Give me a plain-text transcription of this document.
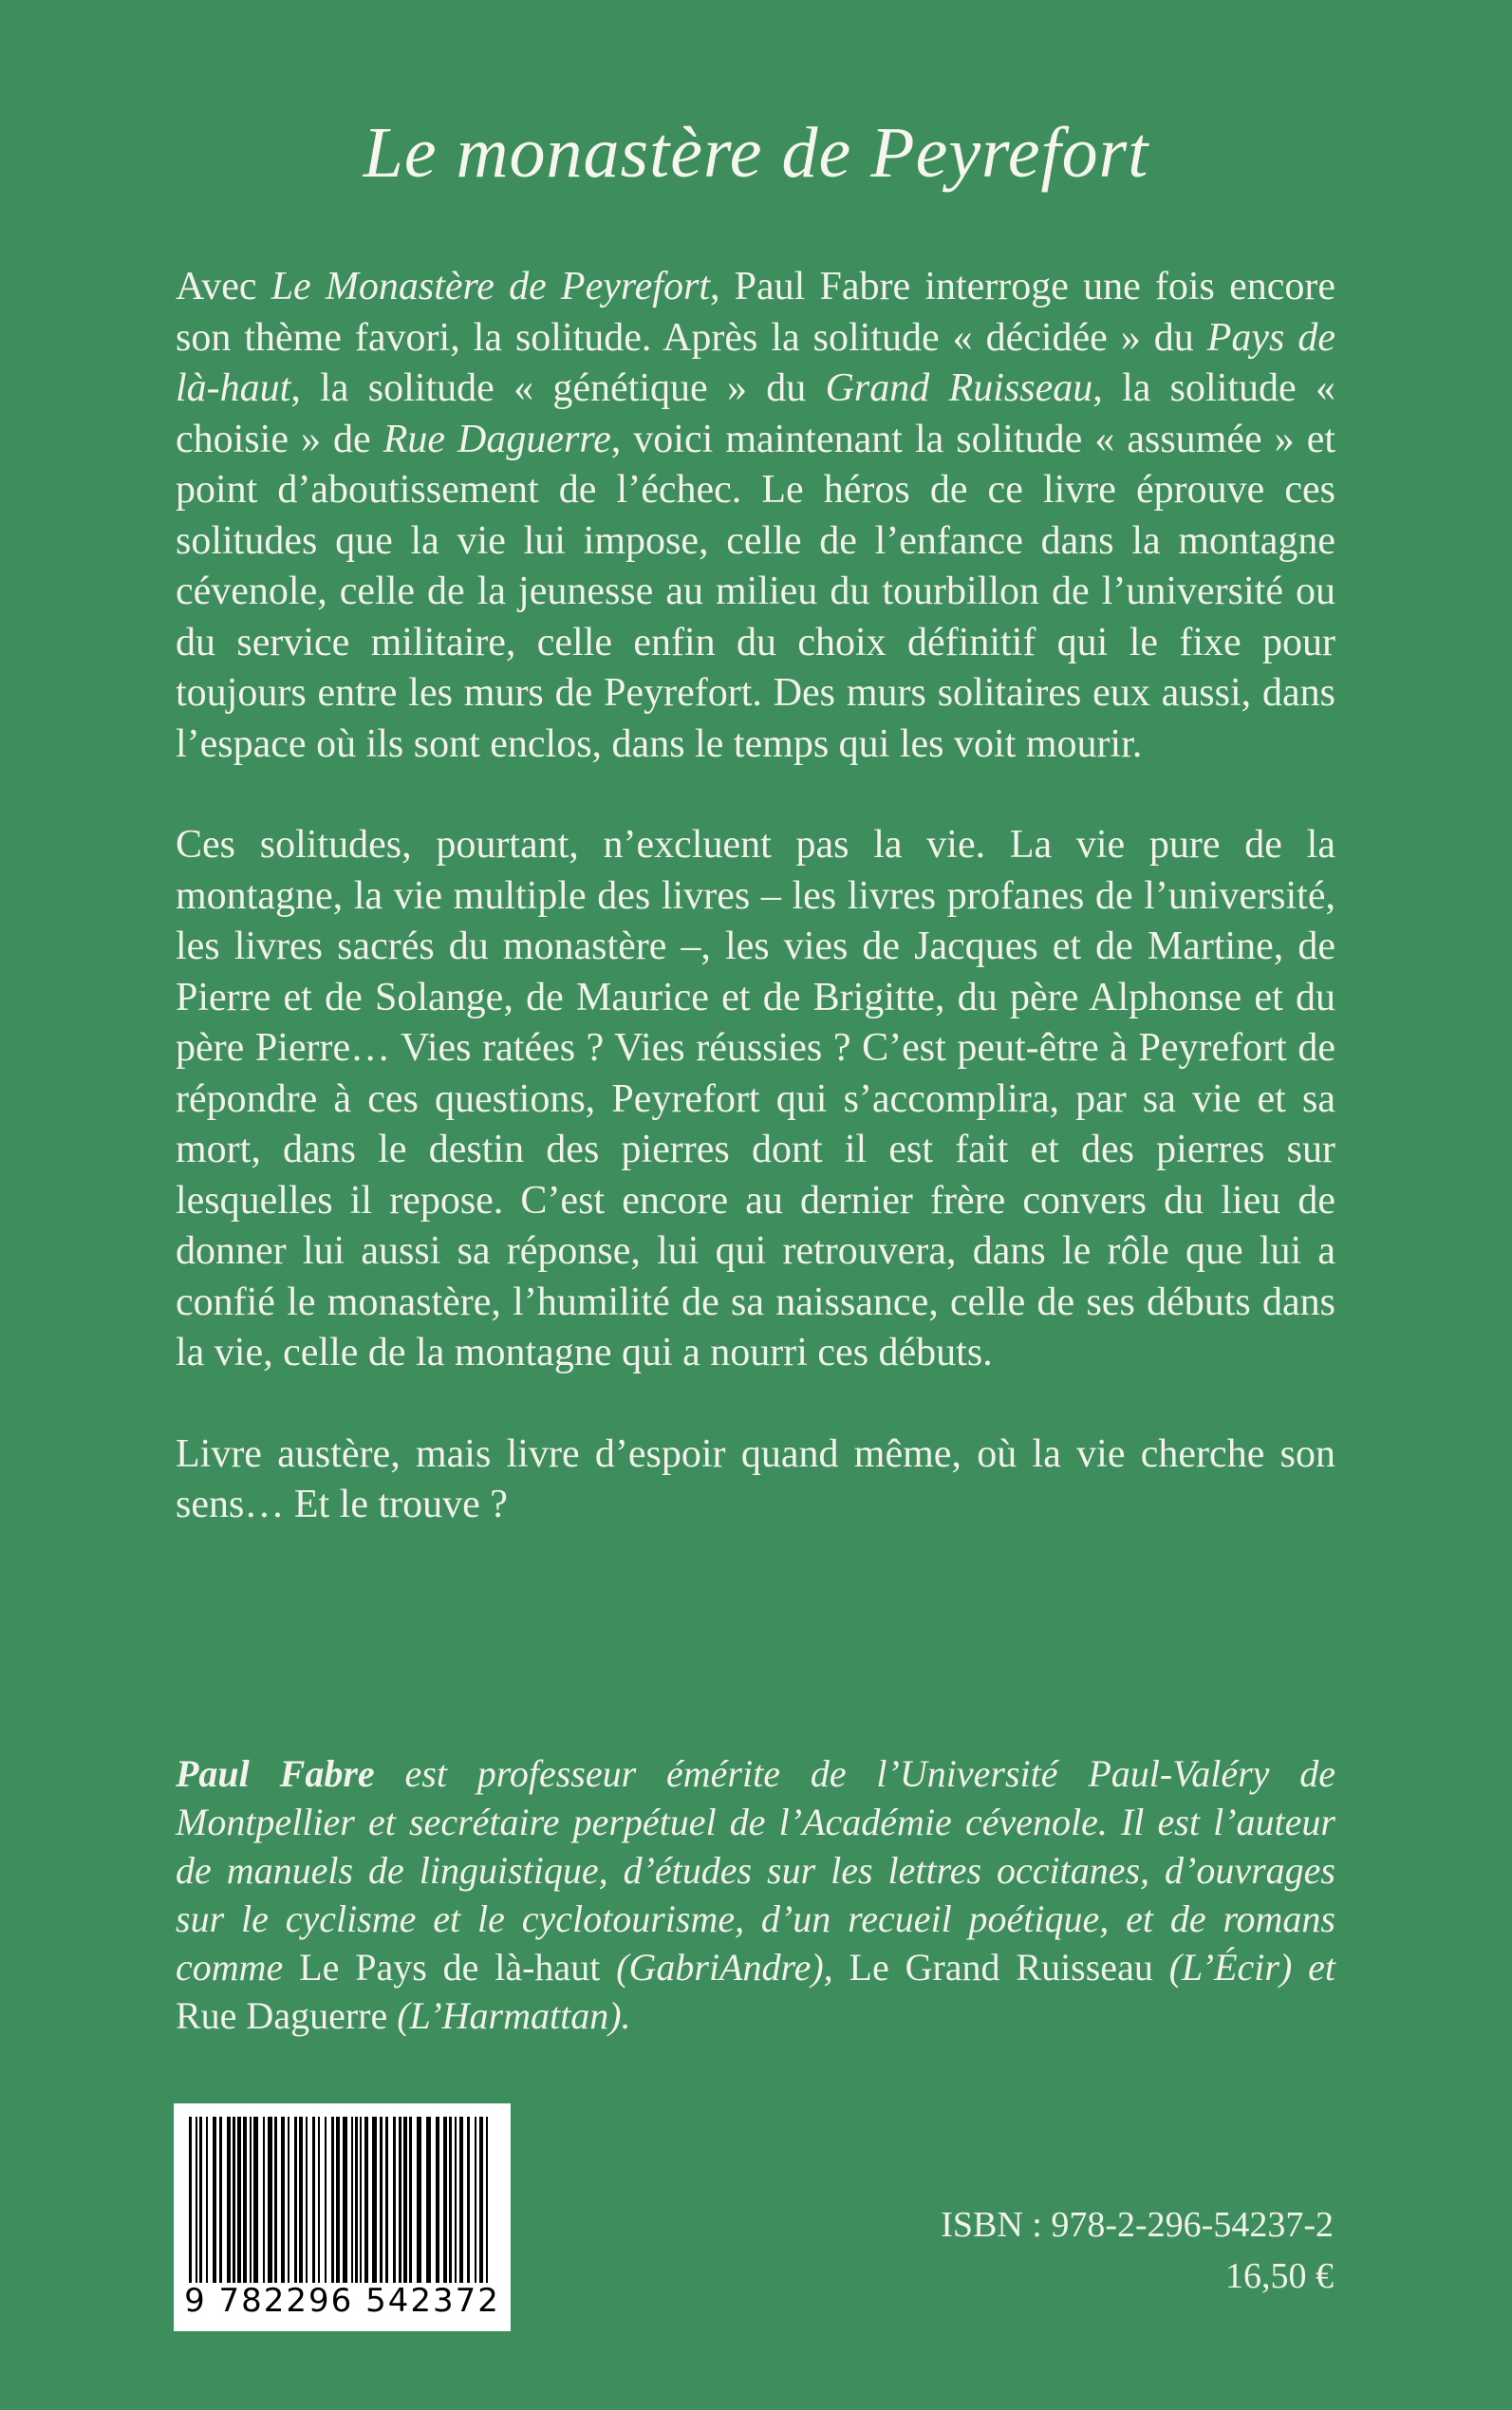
Le monastère de Peyrefort

Avec Le Monastère de Peyrefort, Paul Fabre interroge une fois encore son thème favori, la solitude. Après la solitude « décidée » du Pays de là-haut, la solitude « génétique » du Grand Ruisseau, la solitude « choisie » de Rue Daguerre, voici maintenant la solitude « assumée » et point d’aboutissement de l’échec. Le héros de ce livre éprouve ces solitudes que la vie lui impose, celle de l’enfance dans la montagne cévenole, celle de la jeunesse au milieu du tourbillon de l’université ou du service militaire, celle enfin du choix définitif qui le fixe pour toujours entre les murs de Peyrefort. Des murs solitaires eux aussi, dans l’espace où ils sont enclos, dans le temps qui les voit mourir.

Ces solitudes, pourtant, n’excluent pas la vie. La vie pure de la montagne, la vie multiple des livres – les livres profanes de l’université, les livres sacrés du monastère –, les vies de Jacques et de Martine, de Pierre et de Solange, de Maurice et de Brigitte, du père Alphonse et du père Pierre… Vies ratées ? Vies réussies ? C’est peut-être à Peyrefort de répondre à ces questions, Peyrefort qui s’accomplira, par sa vie et sa mort, dans le destin des pierres dont il est fait et des pierres sur lesquelles il repose. C’est encore au dernier frère convers du lieu de donner lui aussi sa réponse, lui qui retrouvera, dans le rôle que lui a confié le monastère, l’humilité de sa naissance, celle de ses débuts dans la vie, celle de la montagne qui a nourri ces débuts.

Livre austère, mais livre d’espoir quand même, où la vie cherche son sens… Et le trouve ?

Paul Fabre est professeur émérite de l’Université Paul-Valéry de Montpellier et secrétaire perpétuel de l’Académie cévenole. Il est l’auteur de manuels de linguistique, d’études sur les lettres occitanes, d’ouvrages sur le cyclisme et le cyclotourisme, d’un recueil poétique, et de romans comme Le Pays de là-haut (GabriAndre), Le Grand Ruisseau (L’Écir) et Rue Daguerre (L’Harmattan).

9 782296 542372
ISBN : 978-2-296-54237-2
16,50 €
